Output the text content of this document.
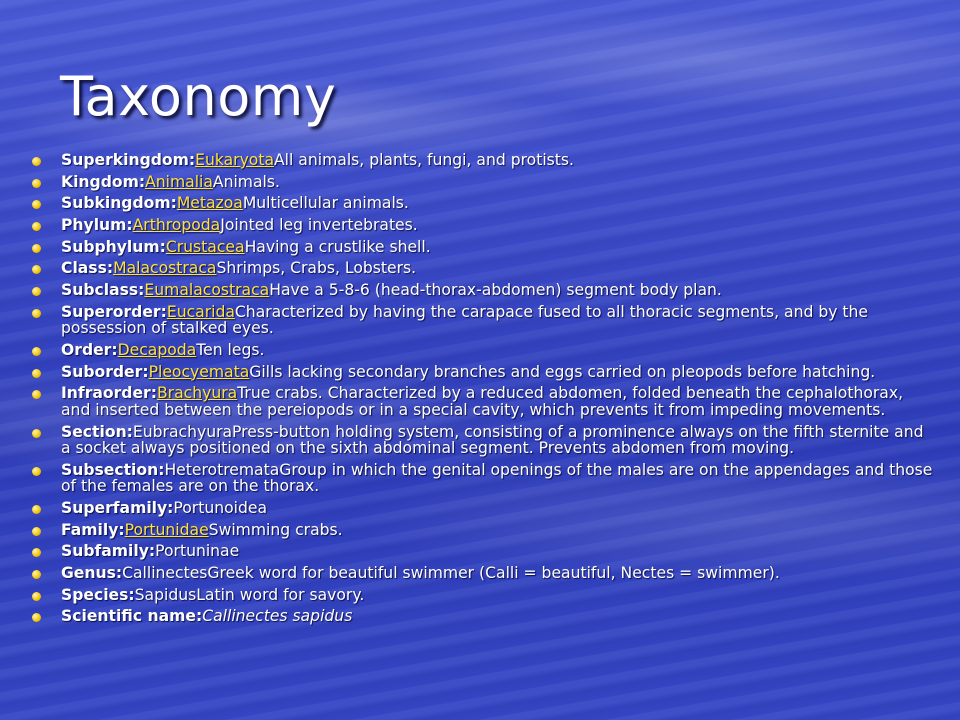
Taxonomy
Superkingdom:EukaryotaAll animals, plants, fungi, and protists.
Kingdom:AnimaliaAnimals.
Subkingdom:MetazoaMulticellular animals.
Phylum:ArthropodaJointed leg invertebrates.
Subphylum:CrustaceaHaving a crustlike shell.
Class:MalacostracaShrimps, Crabs, Lobsters.
Subclass:EumalacostracaHave a 5-8-6 (head-thorax-abdomen) segment body plan.
Superorder:EucaridaCharacterized by having the carapace fused to all thoracic segments, and by the possession of stalked eyes.
Order:DecapodaTen legs.
Suborder:PleocyemataGills lacking secondary branches and eggs carried on pleopods before hatching.
Infraorder:BrachyuraTrue crabs. Characterized by a reduced abdomen, folded beneath the cephalothorax, and inserted between the pereiopods or in a special cavity, which prevents it from impeding movements.
Section:EubrachyuraPress-button holding system, consisting of a prominence always on the fifth sternite and a socket always positioned on the sixth abdominal segment. Prevents abdomen from moving.
Subsection:HeterotremataGroup in which the genital openings of the males are on the appendages and those of the females are on the thorax.
Superfamily:Portunoidea
Family:PortunidaeSwimming crabs.
Subfamily:Portuninae
Genus:CallinectesGreek word for beautiful swimmer (Calli = beautiful, Nectes = swimmer).
Species:SapidusLatin word for savory.
Scientific name:Callinectes sapidus
